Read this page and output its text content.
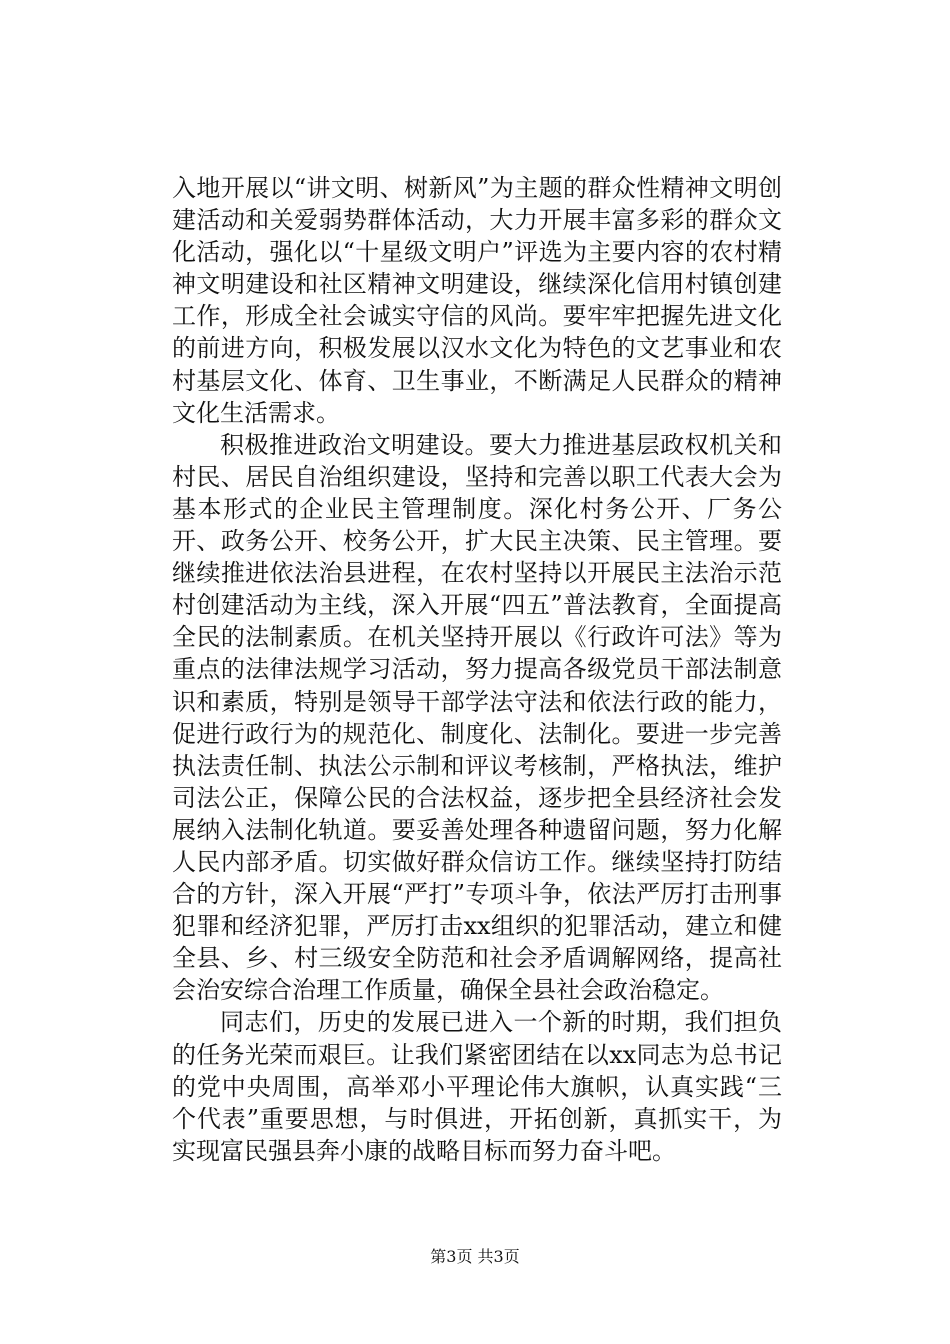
入地开展以“讲文明、树新风”为主题的群众性精神文明创建活动和关爱弱势群体活动，大力开展丰富多彩的群众文化活动，强化以“十星级文明户”评选为主要内容的农村精神文明建设和社区精神文明建设，继续深化信用村镇创建工作，形成全社会诚实守信的风尚。要牢牢把握先进文化的前进方向，积极发展以汉水文化为特色的文艺事业和农村基层文化、体育、卫生事业，不断满足人民群众的精神文化生活需求。

积极推进政治文明建设。要大力推进基层政权机关和村民、居民自治组织建设，坚持和完善以职工代表大会为基本形式的企业民主管理制度。深化村务公开、厂务公开、政务公开、校务公开，扩大民主决策、民主管理。要继续推进依法治县进程，在农村坚持以开展民主法治示范村创建活动为主线，深入开展“四五”普法教育，全面提高全民的法制素质。在机关坚持开展以《行政许可法》等为重点的法律法规学习活动，努力提高各级党员干部法制意识和素质，特别是领导干部学法守法和依法行政的能力，促进行政行为的规范化、制度化、法制化。要进一步完善执法责任制、执法公示制和评议考核制，严格执法，维护司法公正，保障公民的合法权益，逐步把全县经济社会发展纳入法制化轨道。要妥善处理各种遗留问题，努力化解人民内部矛盾。切实做好群众信访工作。继续坚持打防结合的方针，深入开展“严打”专项斗争，依法严厉打击刑事犯罪和经济犯罪，严厉打击xx组织的犯罪活动，建立和健全县、乡、村三级安全防范和社会矛盾调解网络，提高社会治安综合治理工作质量，确保全县社会政治稳定。

同志们，历史的发展已进入一个新的时期，我们担负的任务光荣而艰巨。让我们紧密团结在以xx同志为总书记的党中央周围，高举邓小平理论伟大旗帜，认真实践“三个代表”重要思想，与时俱进，开拓创新，真抓实干，为实现富民强县奔小康的战略目标而努力奋斗吧。

第3页 共3页
